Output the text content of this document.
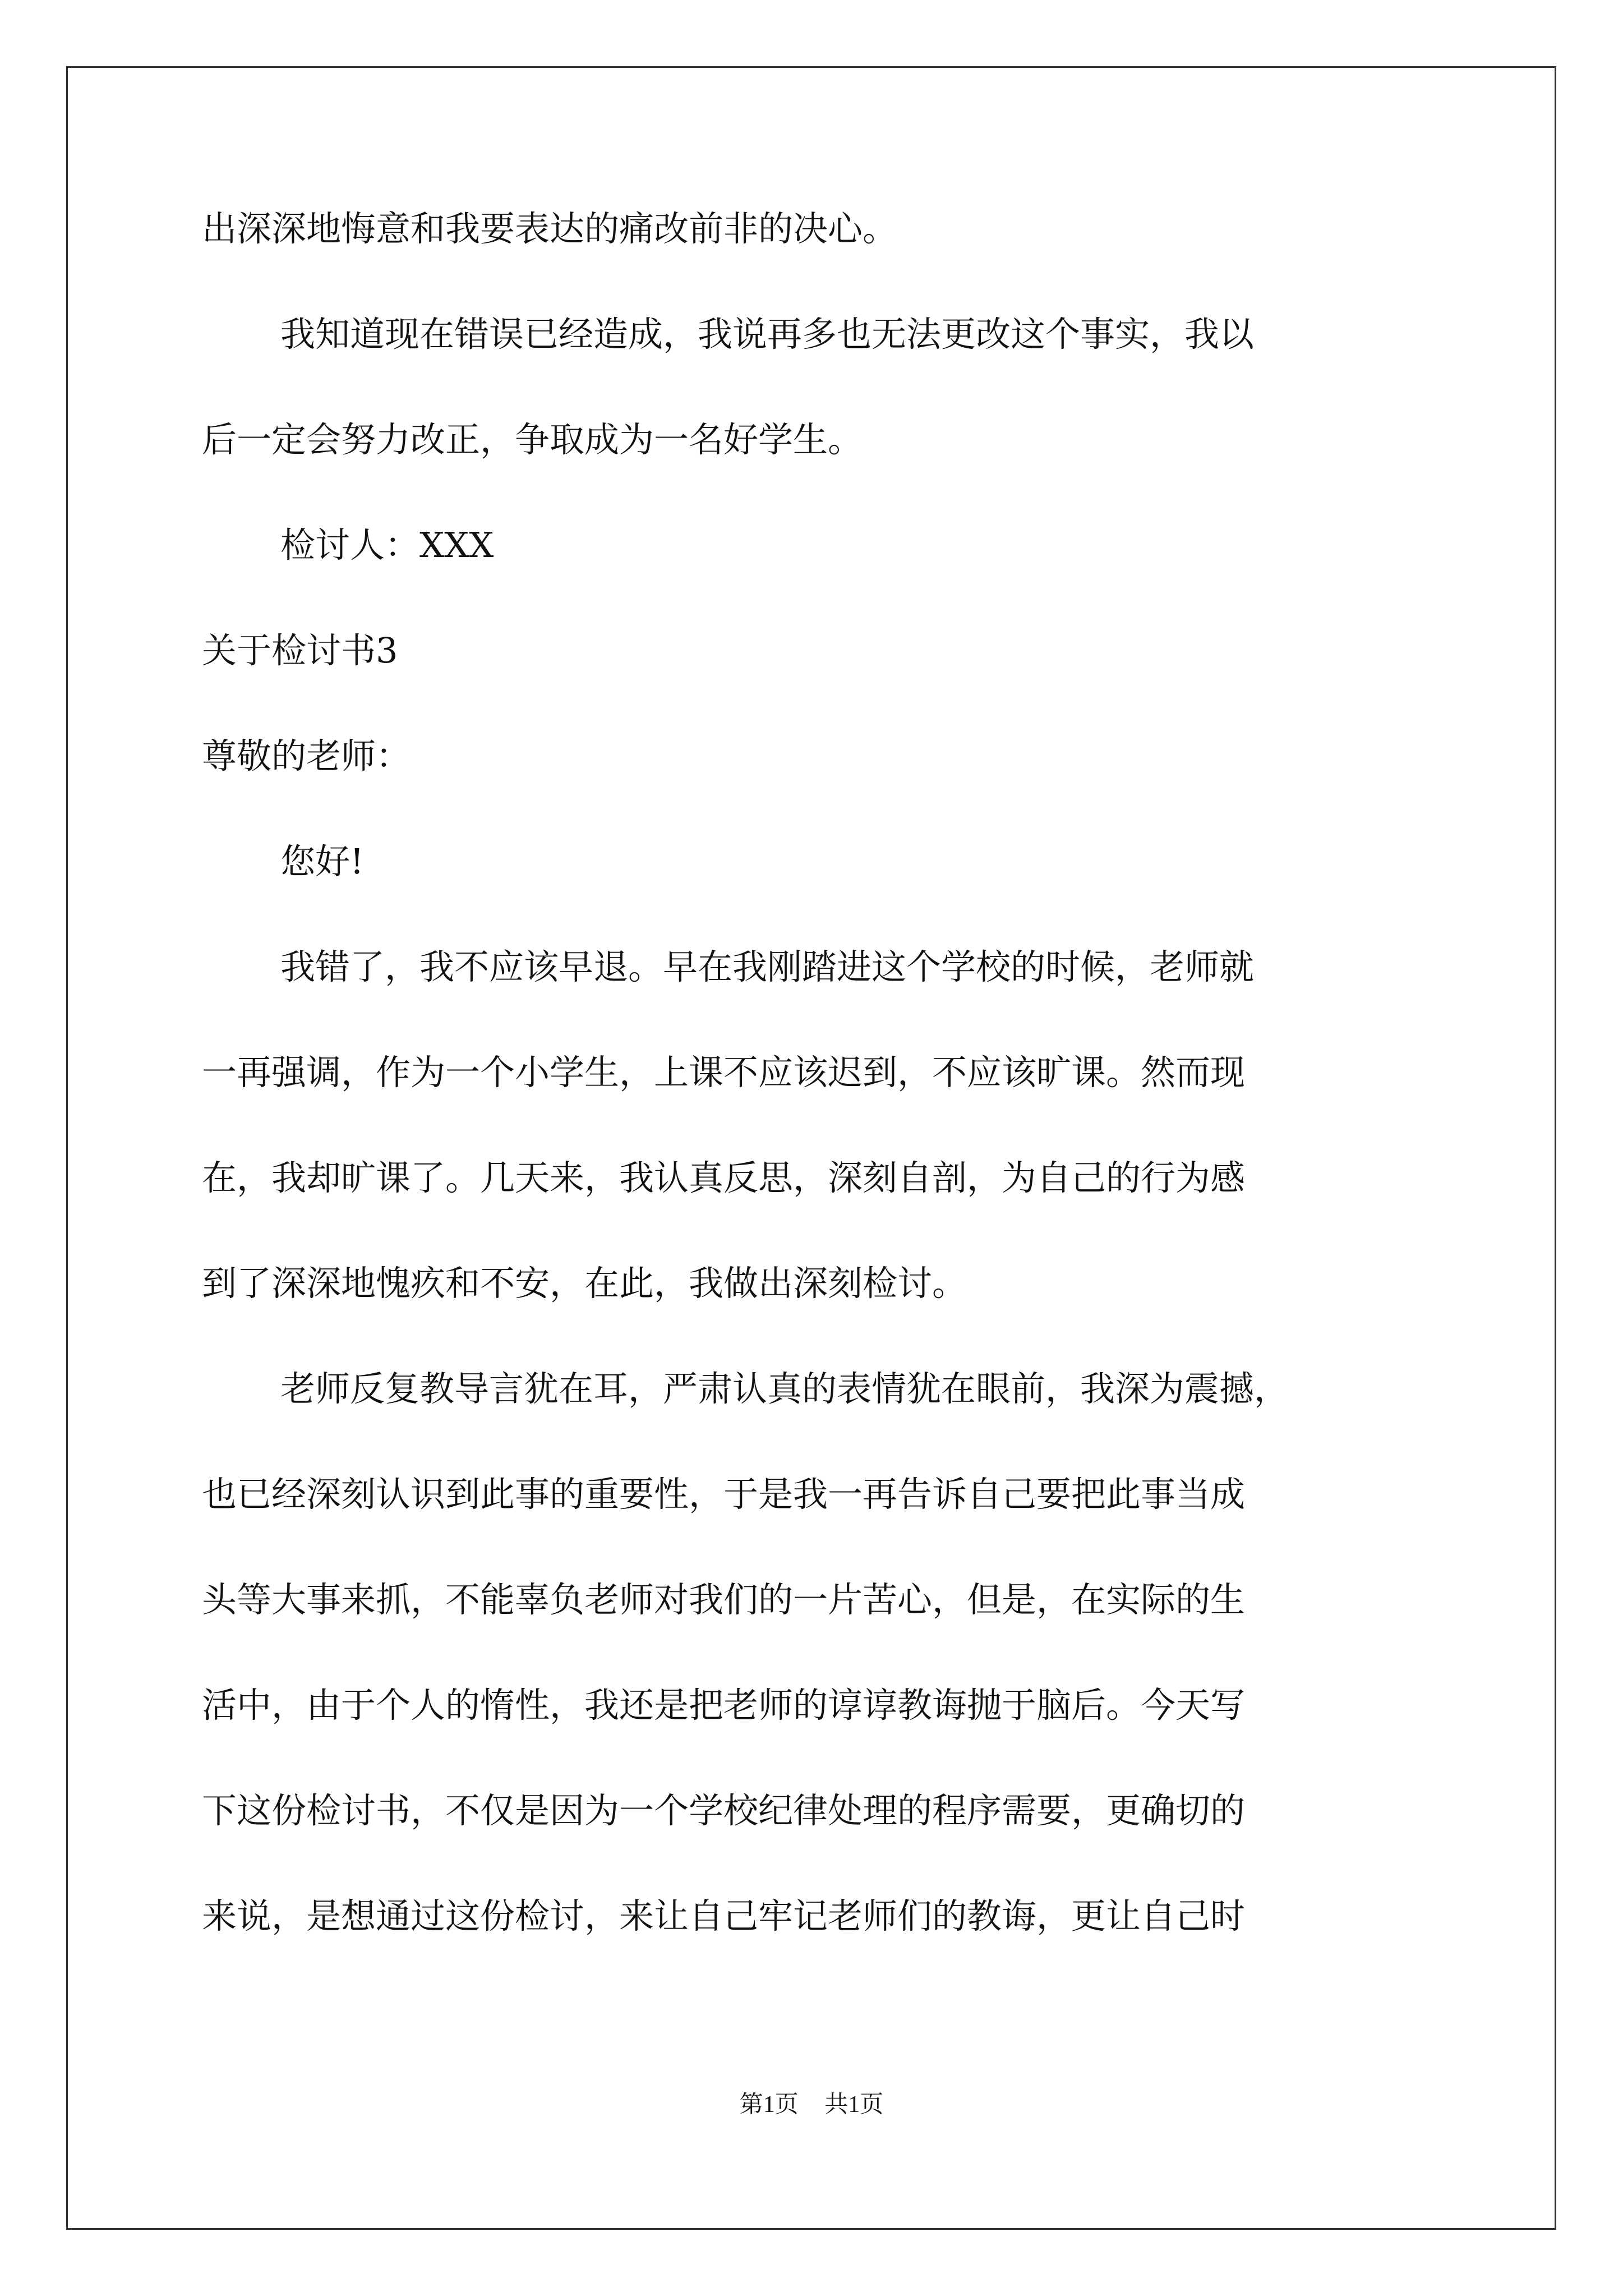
出深深地悔意和我要表达的痛改前非的决心。
我知道现在错误已经造成，我说再多也无法更改这个事实，我以
后一定会努力改正，争取成为一名好学生。
检讨人：XXX
关于检讨书3
尊敬的老师：
您好!
我错了，我不应该早退。早在我刚踏进这个学校的时候，老师就
一再强调，作为一个小学生，上课不应该迟到，不应该旷课。然而现
在，我却旷课了。几天来，我认真反思，深刻自剖，为自己的行为感
到了深深地愧疚和不安，在此，我做出深刻检讨。
老师反复教导言犹在耳，严肃认真的表情犹在眼前，我深为震撼，
也已经深刻认识到此事的重要性，于是我一再告诉自己要把此事当成
头等大事来抓，不能辜负老师对我们的一片苦心，但是，在实际的生
活中，由于个人的惰性，我还是把老师的谆谆教诲抛于脑后。今天写
下这份检讨书，不仅是因为一个学校纪律处理的程序需要，更确切的
来说，是想通过这份检讨，来让自己牢记老师们的教诲，更让自己时
第1页 共1页
